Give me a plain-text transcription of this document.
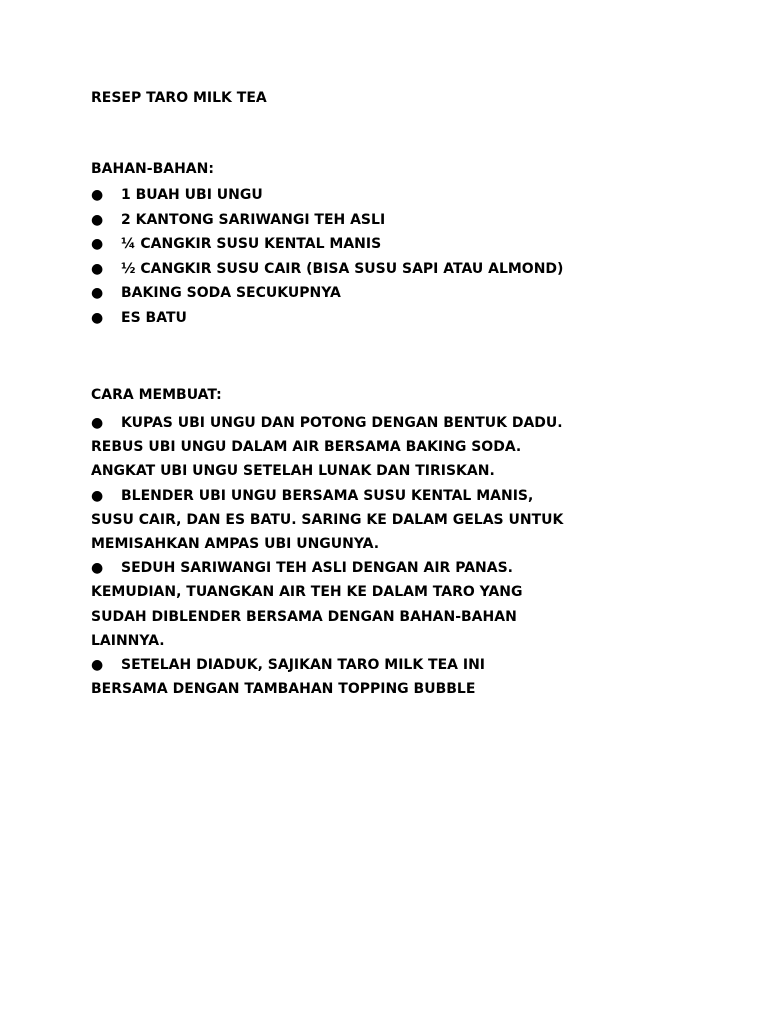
RESEP TARO MILK TEA
BAHAN-BAHAN:
● 1 BUAH UBI UNGU
● 2 KANTONG SARIWANGI TEH ASLI
● ¼ CANGKIR SUSU KENTAL MANIS
● ½ CANGKIR SUSU CAIR (BISA SUSU SAPI ATAU ALMOND)
● BAKING SODA SECUKUPNYA
● ES BATU
CARA MEMBUAT:
● KUPAS UBI UNGU DAN POTONG DENGAN BENTUK DADU.
REBUS UBI UNGU DALAM AIR BERSAMA BAKING SODA.
ANGKAT UBI UNGU SETELAH LUNAK DAN TIRISKAN.
● BLENDER UBI UNGU BERSAMA SUSU KENTAL MANIS,
SUSU CAIR, DAN ES BATU. SARING KE DALAM GELAS UNTUK
MEMISAHKAN AMPAS UBI UNGUNYA.
● SEDUH SARIWANGI TEH ASLI DENGAN AIR PANAS.
KEMUDIAN, TUANGKAN AIR TEH KE DALAM TARO YANG
SUDAH DIBLENDER BERSAMA DENGAN BAHAN-BAHAN
LAINNYA.
● SETELAH DIADUK, SAJIKAN TARO MILK TEA INI
BERSAMA DENGAN TAMBAHAN TOPPING BUBBLE
